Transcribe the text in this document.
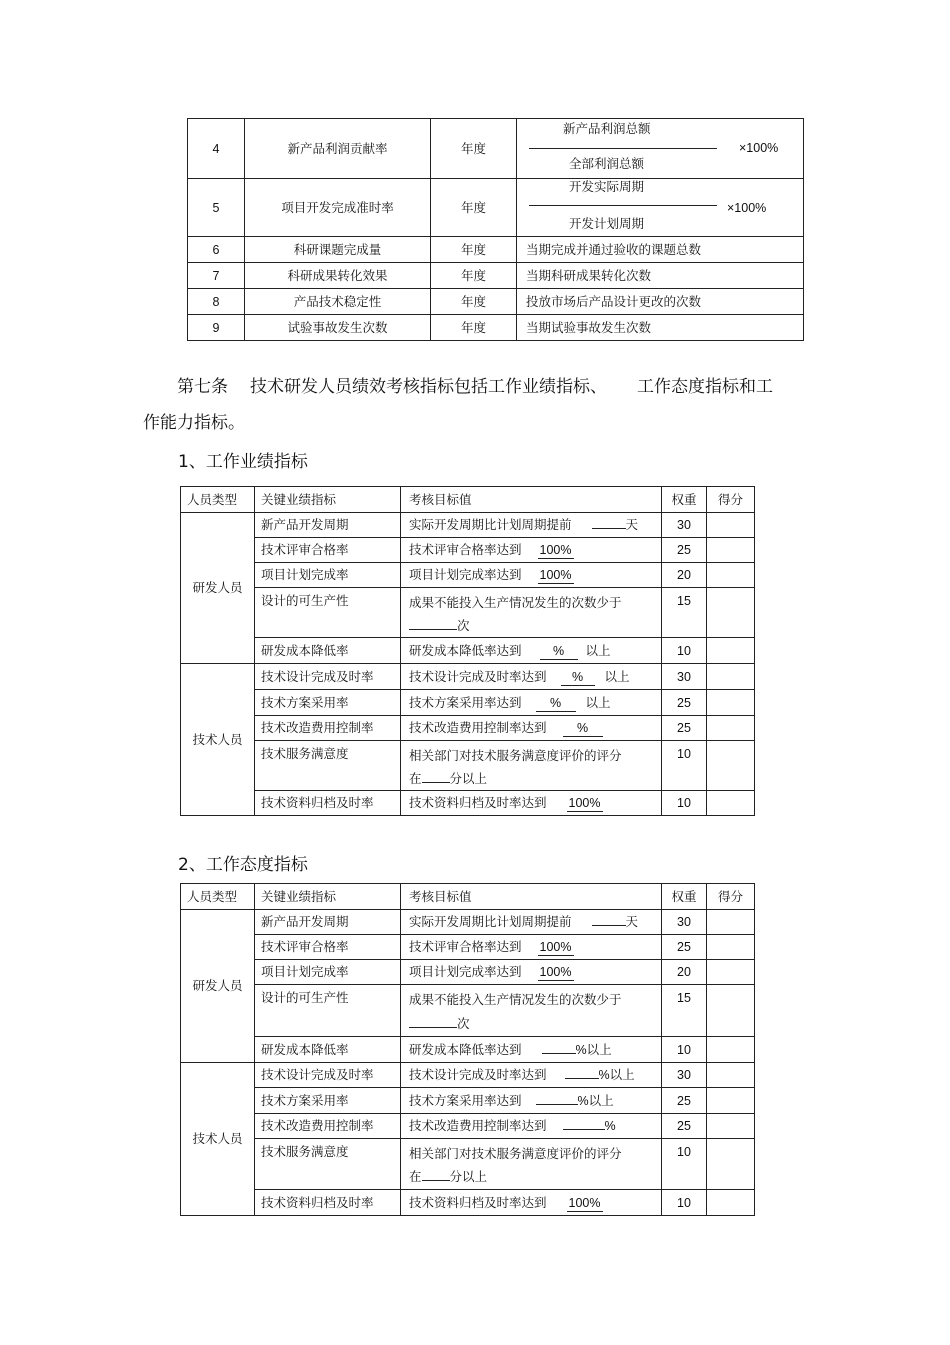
4	新产品利润贡献率	年度	新产品利润总额
全部利润总额
×100%

5	项目开发完成准时率	年度	开发实际周期
开发计划周期
×100%

6	科研课题完成量	年度	当期完成并通过验收的课题总数
7	科研成果转化效果	年度	当期科研成果转化次数
8	产品技术稳定性	年度	投放市场后产品设计更改的次数
9	试验事故发生次数	年度	当期试验事故发生次数
第七条 技术研发人员绩效考核指标包括工作业绩指标、 工作态度指标和工
作能力指标。
1、工作业绩指标
人员类型	关键业绩指标	考核目标值	权重	得分
研发人员	新产品开发周期	实际开发周期比计划周期提前 天	30	
	技术评审合格率	技术评审合格率达到 100%	25	
	项目计划完成率	项目计划完成率达到 100%	20	
	设计的可生产性	成果不能投入生产情况发生的次数少于
次	15	
	研发成本降低率	研发成本降低率达到 % 以上	10	
技术人员	技术设计完成及时率	技术设计完成及时率达到 % 以上	30	
	技术方案采用率	技术方案采用率达到 % 以上	25	
	技术改造费用控制率	技术改造费用控制率达到 %	25	
	技术服务满意度	相关部门对技术服务满意度评价的评分
在 分以上	10	
	技术资料归档及时率	技术资料归档及时率达到 100%	10	
2、工作态度指标
人员类型	关键业绩指标	考核目标值	权重	得分
研发人员	新产品开发周期	实际开发周期比计划周期提前 天	30	
	技术评审合格率	技术评审合格率达到 100%	25	
	项目计划完成率	项目计划完成率达到 100%	20	
	设计的可生产性	成果不能投入生产情况发生的次数少于
次	15	
	研发成本降低率	研发成本降低率达到 %以上	10	
技术人员	技术设计完成及时率	技术设计完成及时率达到 %以上	30	
	技术方案采用率	技术方案采用率达到 %以上	25	
	技术改造费用控制率	技术改造费用控制率达到 %	25	
	技术服务满意度	相关部门对技术服务满意度评价的评分
在 分以上	10	
	技术资料归档及时率	技术资料归档及时率达到 100%	10	
